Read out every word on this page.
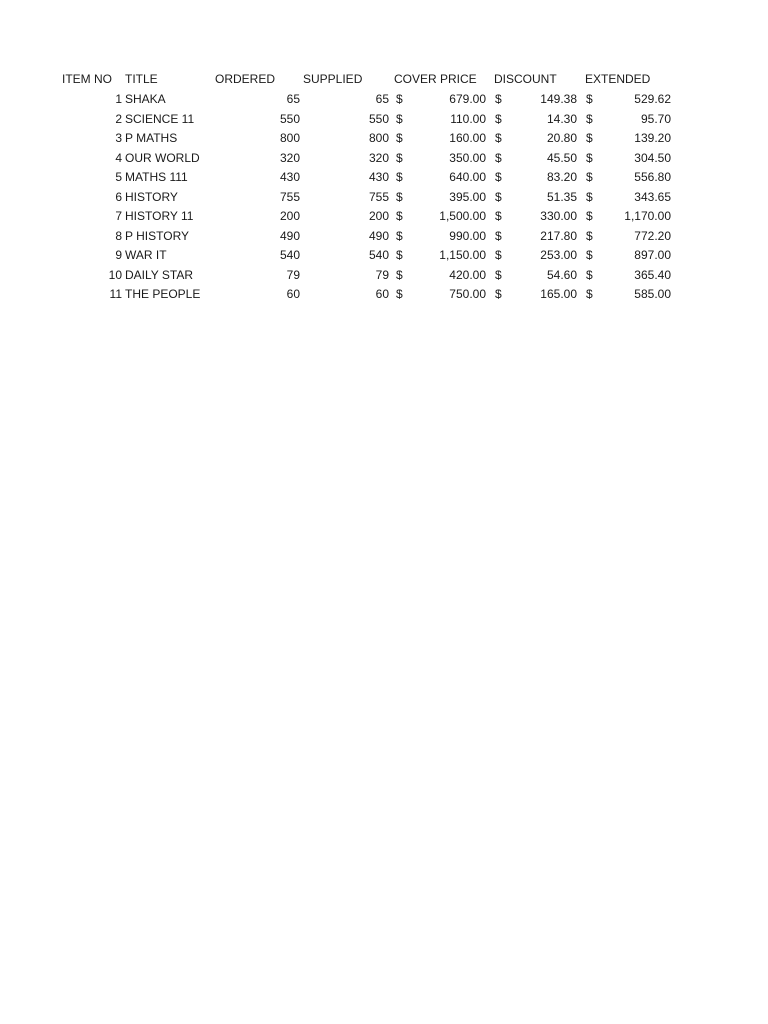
ITEM NO	TITLE	ORDERED	SUPPLIED	COVER PRICE	DISCOUNT	EXTENDED
1 SHAKA	65	65 $	679.00 $	149.38 $	529.62
2 SCIENCE 11	550	550 $	110.00 $	14.30 $	95.70
3 P MATHS	800	800 $	160.00 $	20.80 $	139.20
4 OUR WORLD	320	320 $	350.00 $	45.50 $	304.50
5 MATHS 111	430	430 $	640.00 $	83.20 $	556.80
6 HISTORY	755	755 $	395.00 $	51.35 $	343.65
7 HISTORY 11	200	200 $	1,500.00 $	330.00 $	1,170.00
8 P HISTORY	490	490 $	990.00 $	217.80 $	772.20
9 WAR IT	540	540 $	1,150.00 $	253.00 $	897.00
10 DAILY STAR	79	79 $	420.00 $	54.60 $	365.40
11 THE PEOPLE	60	60 $	750.00 $	165.00 $	585.00
